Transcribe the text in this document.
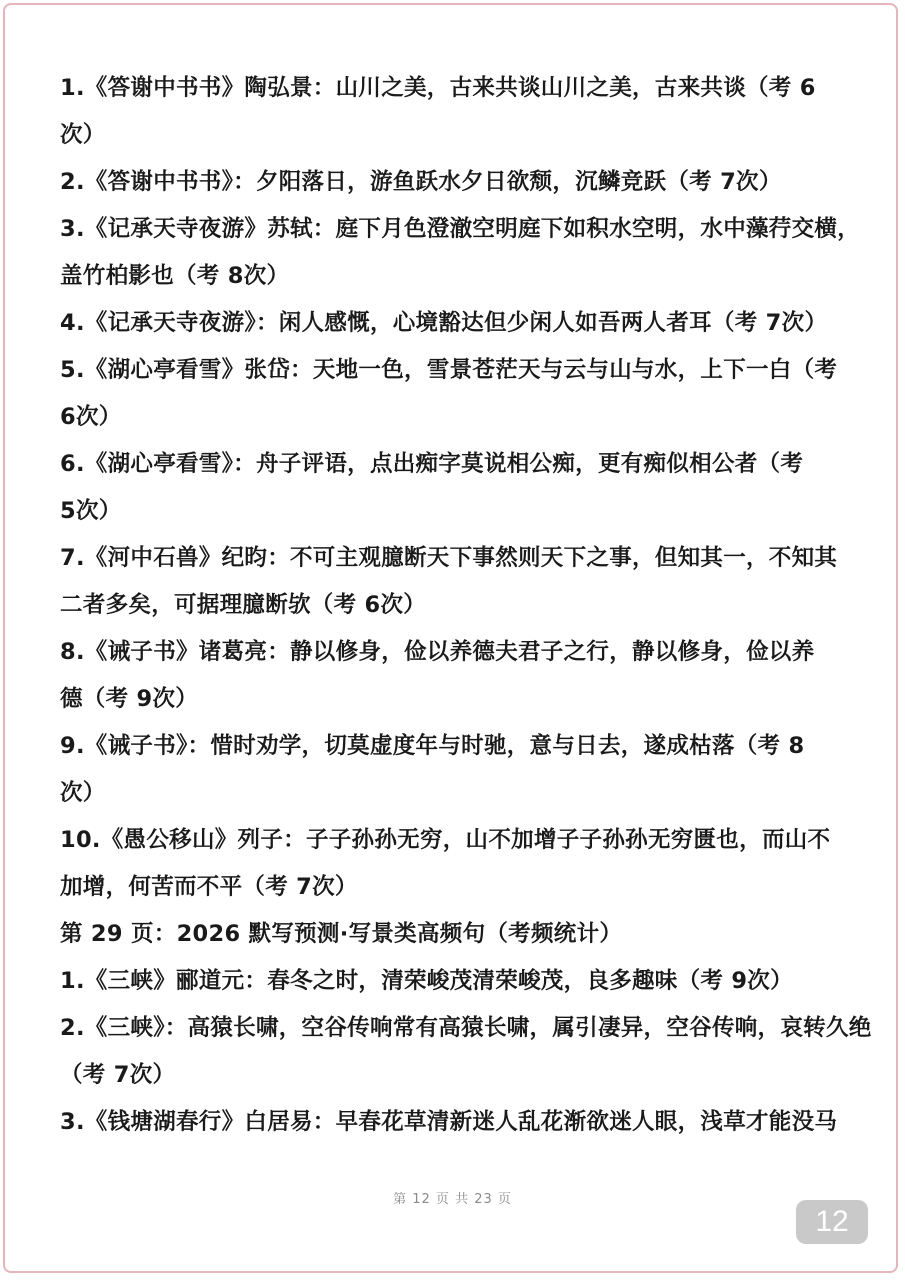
1.《答谢中书书》陶弘景：山川之美，古来共谈山川之美，古来共谈（考 6
次）
2.《答谢中书书》：夕阳落日，游鱼跃水夕日欲颓，沉鳞竞跃（考 7次）
3.《记承天寺夜游》苏轼：庭下月色澄澈空明庭下如积水空明，水中藻荇交横，
盖竹柏影也（考 8次）
4.《记承天寺夜游》：闲人感慨，心境豁达但少闲人如吾两人者耳（考 7次）
5.《湖心亭看雪》张岱：天地一色，雪景苍茫天与云与山与水，上下一白（考
6次）
6.《湖心亭看雪》：舟子评语，点出痴字莫说相公痴，更有痴似相公者（考
5次）
7.《河中石兽》纪昀：不可主观臆断天下事然则天下之事，但知其一，不知其
二者多矣，可据理臆断欤（考 6次）
8.《诫子书》诸葛亮：静以修身，俭以养德夫君子之行，静以修身，俭以养
德（考 9次）
9.《诫子书》：惜时劝学，切莫虚度年与时驰，意与日去，遂成枯落（考 8
次）
10.《愚公移山》列子：子子孙孙无穷，山不加增子子孙孙无穷匮也，而山不
加增，何苦而不平（考 7次）
第 29 页：2026 默写预测·写景类高频句（考频统计）
1.《三峡》郦道元：春冬之时，清荣峻茂清荣峻茂，良多趣味（考 9次）
2.《三峡》：高猿长啸，空谷传响常有高猿长啸，属引凄异，空谷传响，哀转久绝
（考 7次）
3.《钱塘湖春行》白居易：早春花草清新迷人乱花渐欲迷人眼，浅草才能没马
第 12 页 共 23 页
12
